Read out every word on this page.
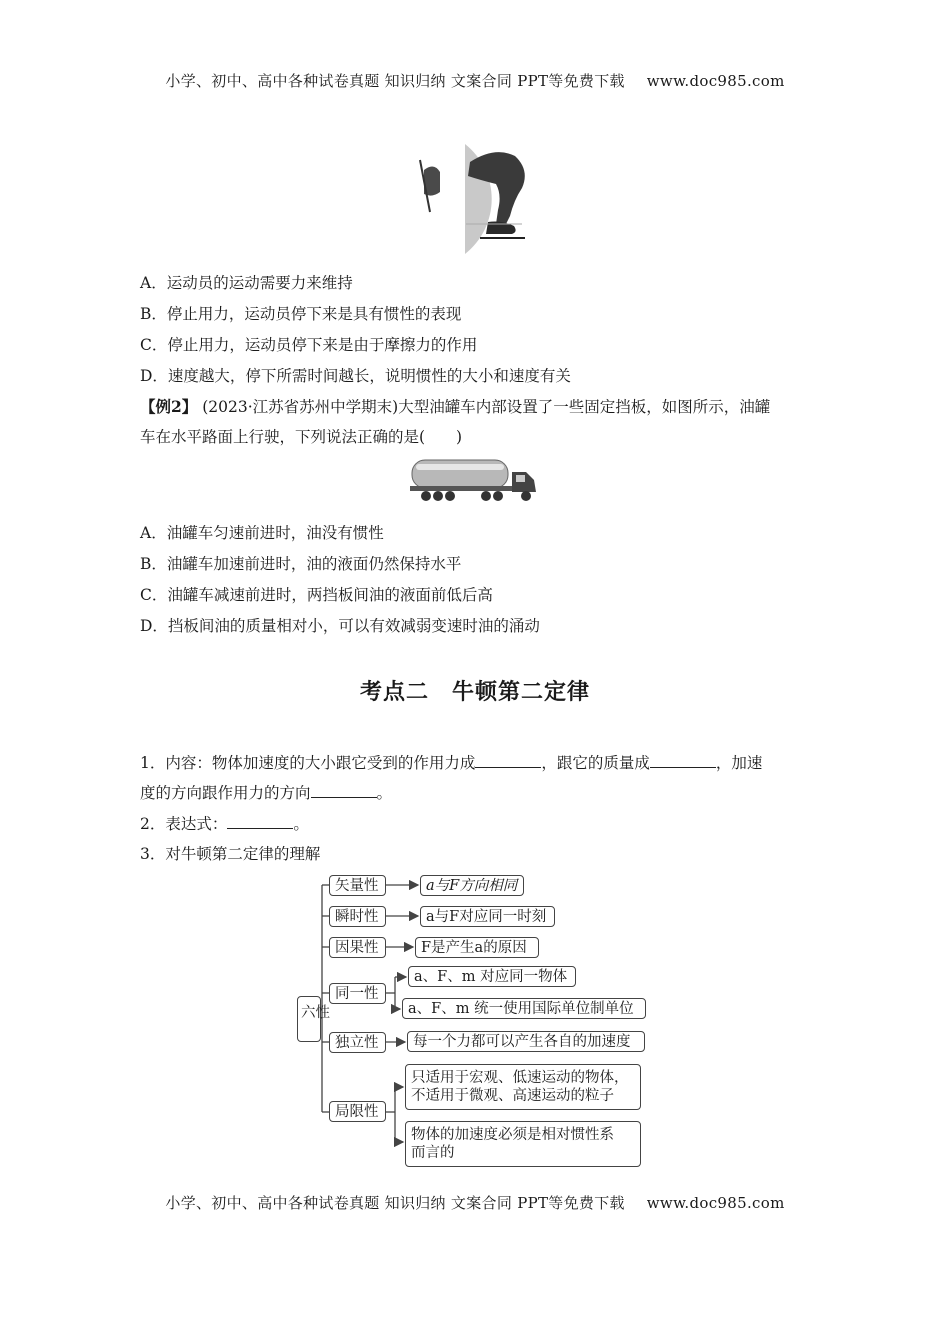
小学、初中、高中各种试卷真题 知识归纳 文案合同 PPT等免费下载 www.doc985.com
A．运动员的运动需要力来维持
B．停止用力，运动员停下来是具有惯性的表现
C．停止用力，运动员停下来是由于摩擦力的作用
D．速度越大，停下所需时间越长，说明惯性的大小和速度有关
【例2】 (2023·江苏省苏州中学期末)大型油罐车内部设置了一些固定挡板，如图所示，油罐
车在水平路面上行驶，下列说法正确的是(　　)
A．油罐车匀速前进时，油没有惯性
B．油罐车加速前进时，油的液面仍然保持水平
C．油罐车减速前进时，两挡板间油的液面前低后高
D．挡板间油的质量相对小，可以有效减弱变速时油的涌动
考点二　牛顿第二定律
1．内容：物体加速度的大小跟它受到的作用力成	，跟它的质量成	，加速
度的方向跟作用力的方向	。
2．表达式：	。
3．对牛顿第二定律的理解
六性
矢量性
瞬时性
因果性
同一性
独立性
局限性
a与F方向相同
a与F对应同一时刻
F是产生a的原因
a、F、m 对应同一物体
a、F、m 统一使用国际单位制单位
每一个力都可以产生各自的加速度
只适用于宏观、低速运动的物体，
不适用于微观、高速运动的粒子
物体的加速度必须是相对惯性系
而言的
小学、初中、高中各种试卷真题 知识归纳 文案合同 PPT等免费下载 www.doc985.com
